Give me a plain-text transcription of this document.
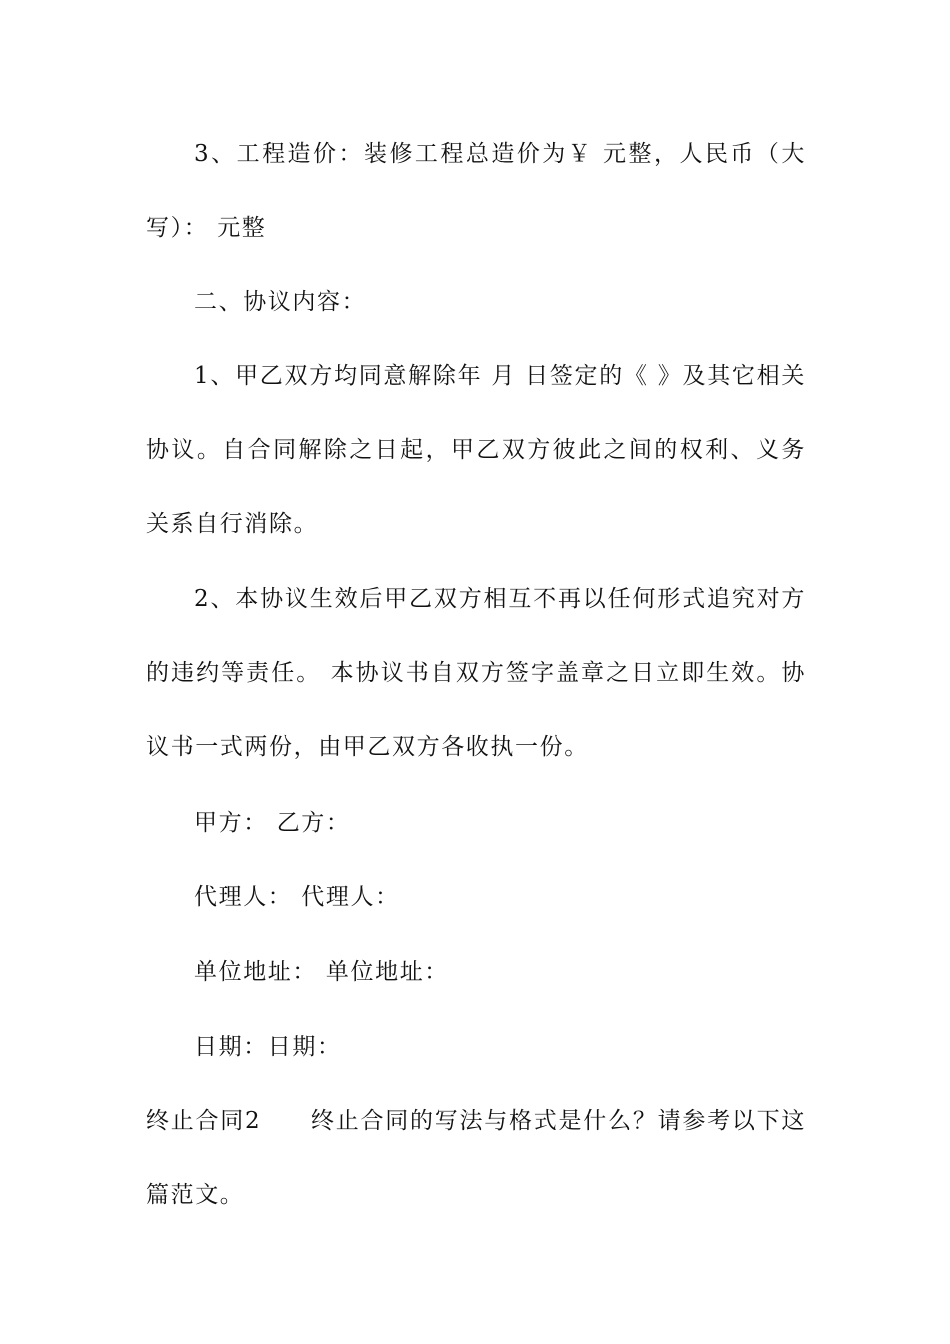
3、工程造价：装修工程总造价为￥ 元整，人民币（大写）： 元整

二、协议内容：

1、甲乙双方均同意解除年 月 日签定的《 》及其它相关协议。自合同解除之日起，甲乙双方彼此之间的权利、义务关系自行消除。

2、本协议生效后甲乙双方相互不再以任何形式追究对方的违约等责任。 本协议书自双方签字盖章之日立即生效。协议书一式两份，由甲乙双方各收执一份。

甲方： 乙方：

代理人： 代理人：

单位地址： 单位地址：

日期：日期：

终止合同2　　终止合同的写法与格式是什么？请参考以下这篇范文。
